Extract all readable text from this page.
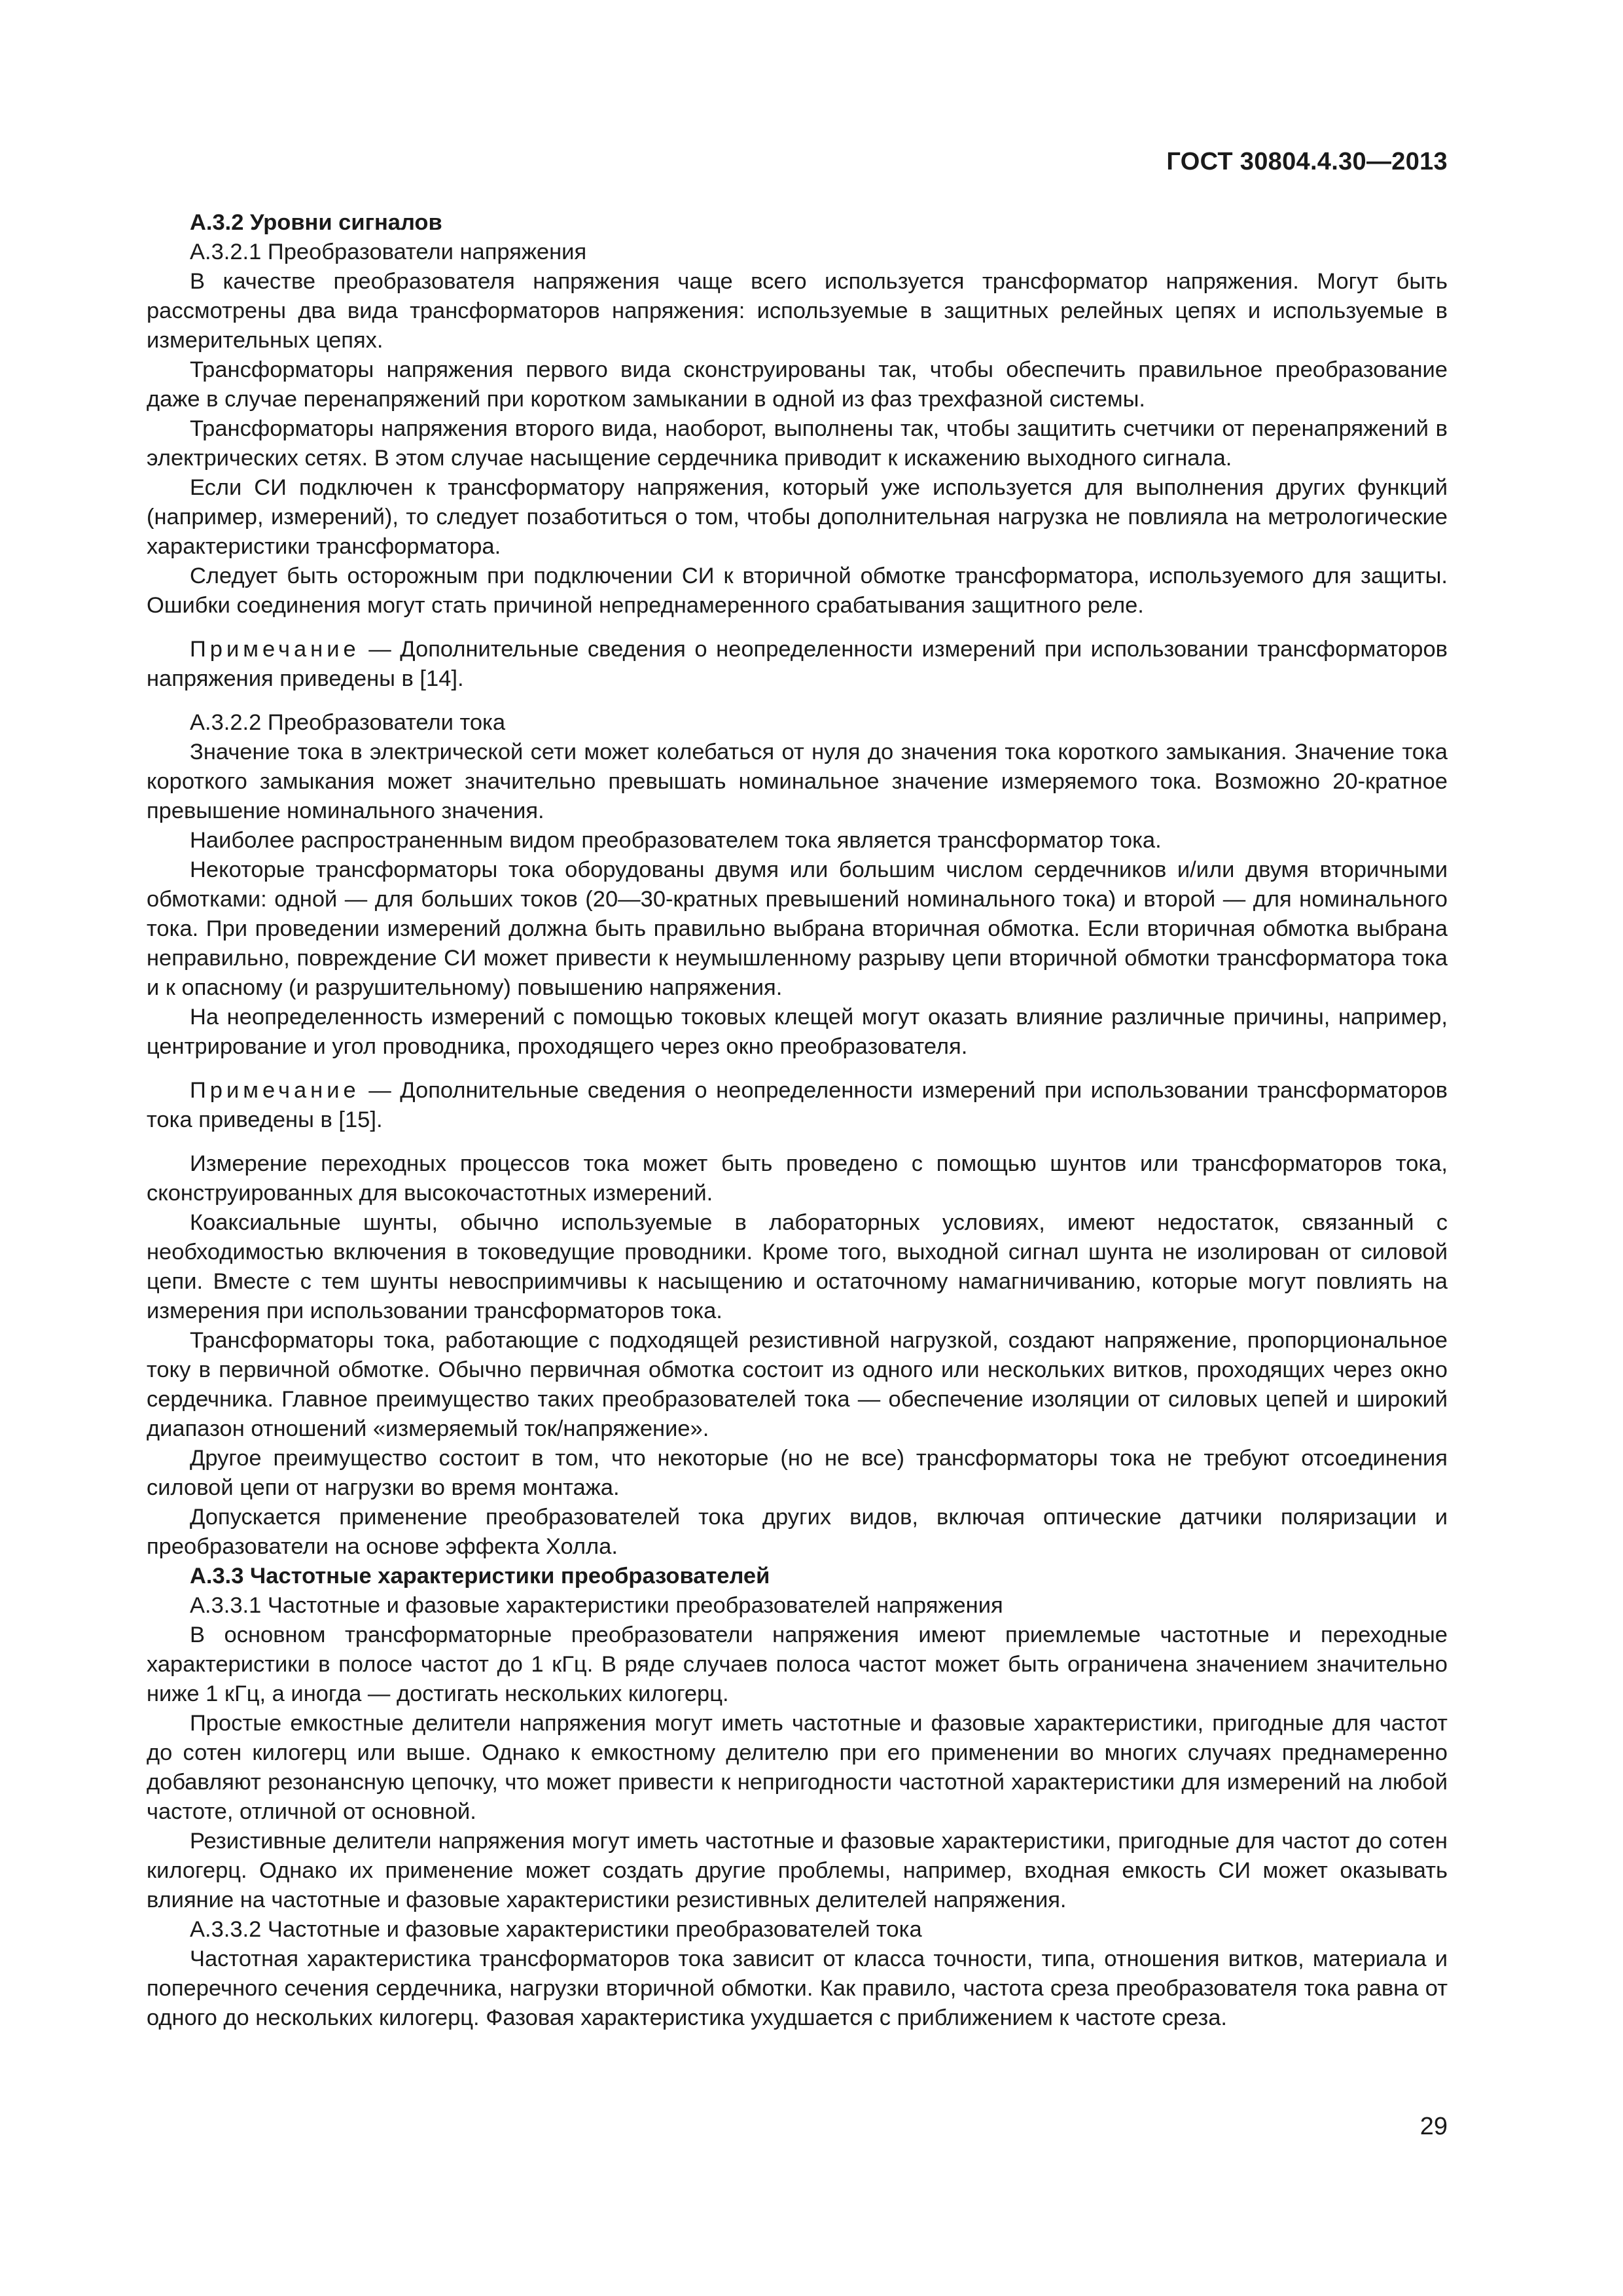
ГОСТ 30804.4.30—2013

А.3.2 Уровни сигналов

А.3.2.1 Преобразователи напряжения

В качестве преобразователя напряжения чаще всего используется трансформатор напряжения. Могут быть рассмотрены два вида трансформаторов напряжения: используемые в защитных релейных цепях и используемые в измерительных цепях.

Трансформаторы напряжения первого вида сконструированы так, чтобы обеспечить правильное преобразование даже в случае перенапряжений при коротком замыкании в одной из фаз трехфазной системы.

Трансформаторы напряжения второго вида, наоборот, выполнены так, чтобы защитить счетчики от перенапряжений в электрических сетях. В этом случае насыщение сердечника приводит к искажению выходного сигнала.

Если СИ подключен к трансформатору напряжения, который уже используется для выполнения других функций (например, измерений), то следует позаботиться о том, чтобы дополнительная нагрузка не повлияла на метрологические характеристики трансформатора.

Следует быть осторожным при подключении СИ к вторичной обмотке трансформатора, используемого для защиты. Ошибки соединения могут стать причиной непреднамеренного срабатывания защитного реле.

Примечание — Дополнительные сведения о неопределенности измерений при использовании трансформаторов напряжения приведены в [14].

А.3.2.2 Преобразователи тока

Значение тока в электрической сети может колебаться от нуля до значения тока короткого замыкания. Значение тока короткого замыкания может значительно превышать номинальное значение измеряемого тока. Возможно 20-кратное превышение номинального значения.

Наиболее распространенным видом преобразователем тока является трансформатор тока.

Некоторые трансформаторы тока оборудованы двумя или большим числом сердечников и/или двумя вторичными обмотками: одной — для больших токов (20—30-кратных превышений номинального тока) и второй — для номинального тока. При проведении измерений должна быть правильно выбрана вторичная обмотка. Если вторичная обмотка выбрана неправильно, повреждение СИ может привести к неумышленному разрыву цепи вторичной обмотки трансформатора тока и к опасному (и разрушительному) повышению напряжения.

На неопределенность измерений с помощью токовых клещей могут оказать влияние различные причины, например, центрирование и угол проводника, проходящего через окно преобразователя.

Примечание — Дополнительные сведения о неопределенности измерений при использовании трансформаторов тока приведены в [15].

Измерение переходных процессов тока может быть проведено с помощью шунтов или трансформаторов тока, сконструированных для высокочастотных измерений.

Коаксиальные шунты, обычно используемые в лабораторных условиях, имеют недостаток, связанный с необходимостью включения в токоведущие проводники. Кроме того, выходной сигнал шунта не изолирован от силовой цепи. Вместе с тем шунты невосприимчивы к насыщению и остаточному намагничиванию, которые могут повлиять на измерения при использовании трансформаторов тока.

Трансформаторы тока, работающие с подходящей резистивной нагрузкой, создают напряжение, пропорциональное току в первичной обмотке. Обычно первичная обмотка состоит из одного или нескольких витков, проходящих через окно сердечника. Главное преимущество таких преобразователей тока — обеспечение изоляции от силовых цепей и широкий диапазон отношений «измеряемый ток/напряжение».

Другое преимущество состоит в том, что некоторые (но не все) трансформаторы тока не требуют отсоединения силовой цепи от нагрузки во время монтажа.

Допускается применение преобразователей тока других видов, включая оптические датчики поляризации и преобразователи на основе эффекта Холла.

А.3.3 Частотные характеристики преобразователей

А.3.3.1 Частотные и фазовые характеристики преобразователей напряжения

В основном трансформаторные преобразователи напряжения имеют приемлемые частотные и переходные характеристики в полосе частот до 1 кГц. В ряде случаев полоса частот может быть ограничена значением значительно ниже 1 кГц, а иногда — достигать нескольких килогерц.

Простые емкостные делители напряжения могут иметь частотные и фазовые характеристики, пригодные для частот до сотен килогерц или выше. Однако к емкостному делителю при его применении во многих случаях преднамеренно добавляют резонансную цепочку, что может привести к непригодности частотной характеристики для измерений на любой частоте, отличной от основной.

Резистивные делители напряжения могут иметь частотные и фазовые характеристики, пригодные для частот до сотен килогерц. Однако их применение может создать другие проблемы, например, входная емкость СИ может оказывать влияние на частотные и фазовые характеристики резистивных делителей напряжения.

А.3.3.2 Частотные и фазовые характеристики преобразователей тока

Частотная характеристика трансформаторов тока зависит от класса точности, типа, отношения витков, материала и поперечного сечения сердечника, нагрузки вторичной обмотки. Как правило, частота среза преобразователя тока равна от одного до нескольких килогерц. Фазовая характеристика ухудшается с приближением к частоте среза.

29
